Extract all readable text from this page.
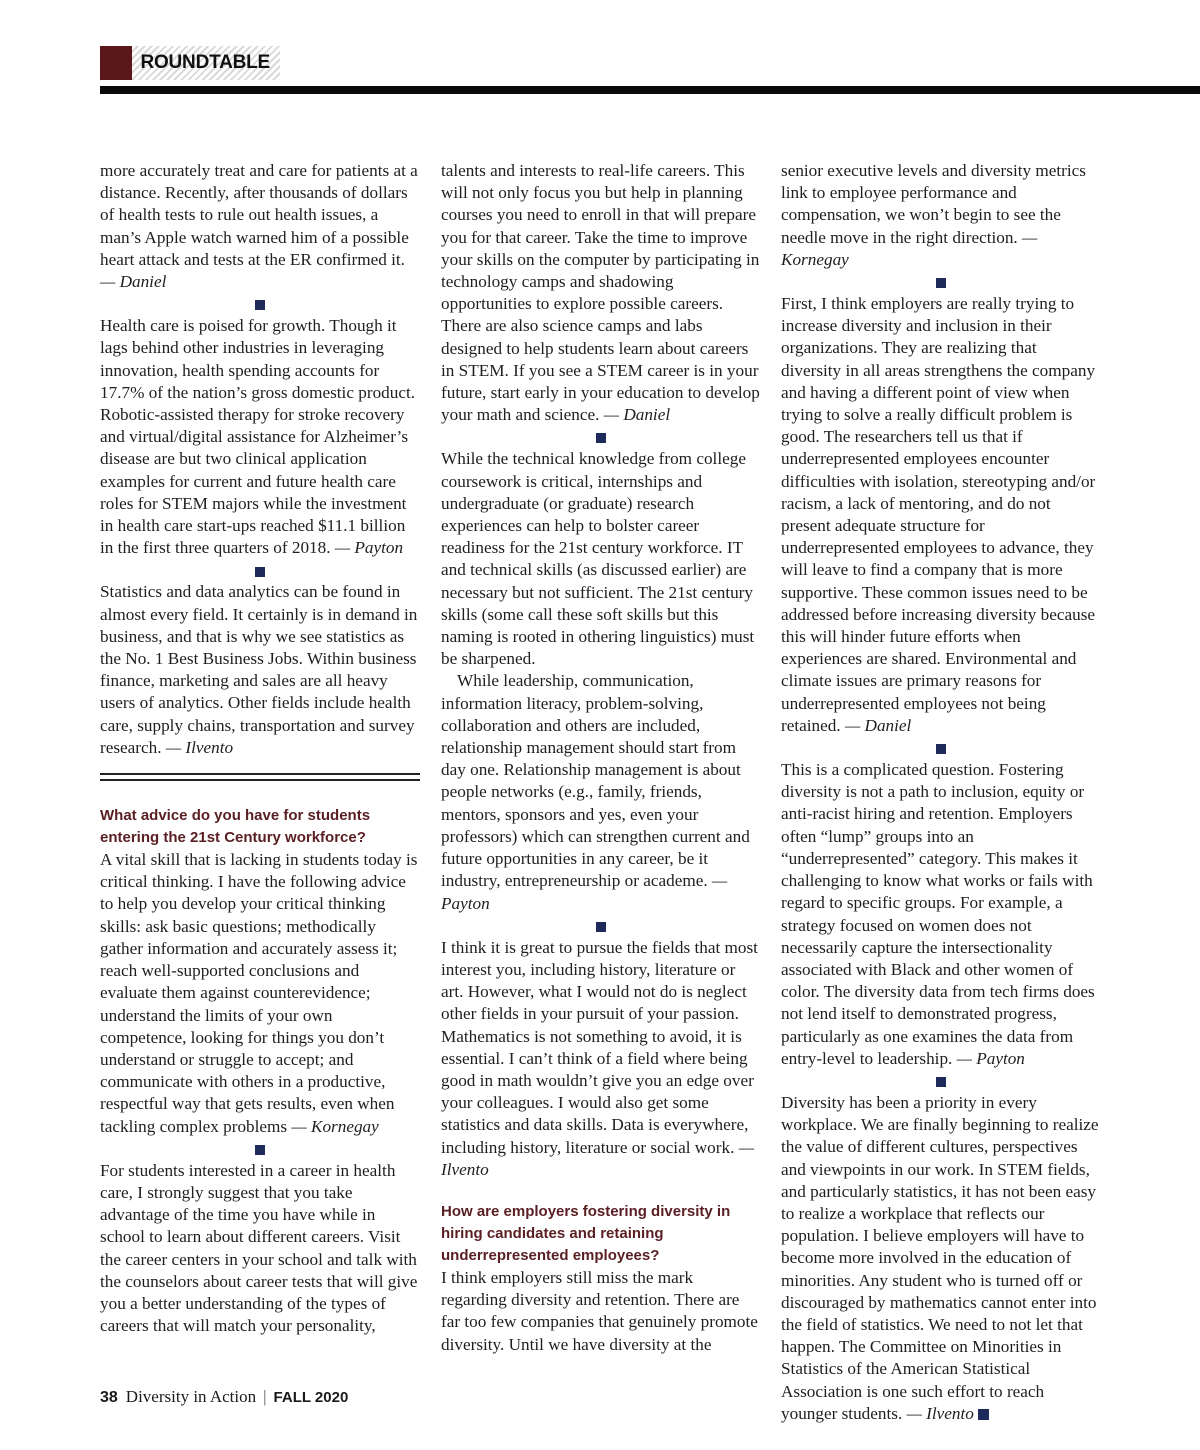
ROUNDTABLE

more accurately treat and care for patients at a distance. Recently, after thousands of dollars of health tests to rule out health issues, a man’s Apple watch warned him of a possible heart attack and tests at the ER confirmed it. — Daniel

Health care is poised for growth. Though it lags behind other industries in leveraging innovation, health spending accounts for 17.7% of the nation’s gross domestic product. Robotic-assisted therapy for stroke recovery and virtual/digital assistance for Alzheimer’s disease are but two clinical application examples for current and future health care roles for STEM majors while the investment in health care start-ups reached $11.1 billion in the first three quarters of 2018. — Payton

Statistics and data analytics can be found in almost every field. It certainly is in demand in business, and that is why we see statistics as the No. 1 Best Business Jobs. Within business finance, marketing and sales are all heavy users of analytics. Other fields include health care, supply chains, transportation and survey research. — Ilvento

What advice do you have for students entering the 21st Century workforce?

A vital skill that is lacking in students today is critical thinking. I have the following advice to help you develop your critical thinking skills: ask basic questions; methodically gather information and accurately assess it; reach well-supported conclusions and evaluate them against counterevidence; understand the limits of your own competence, looking for things you don’t understand or struggle to accept; and communicate with others in a productive, respectful way that gets results, even when tackling complex problems — Kornegay

For students interested in a career in health care, I strongly suggest that you take advantage of the time you have while in school to learn about different careers. Visit the career centers in your school and talk with the counselors about career tests that will give you a better understanding of the types of careers that will match your personality,

talents and interests to real-life careers. This will not only focus you but help in planning courses you need to enroll in that will prepare you for that career. Take the time to improve your skills on the computer by participating in technology camps and shadowing opportunities to explore possible careers. There are also science camps and labs designed to help students learn about careers in STEM. If you see a STEM career is in your future, start early in your education to develop your math and science. — Daniel

While the technical knowledge from college coursework is critical, internships and undergraduate (or graduate) research experiences can help to bolster career readiness for the 21st century workforce. IT and technical skills (as discussed earlier) are necessary but not sufficient. The 21st century skills (some call these soft skills but this naming is rooted in othering linguistics) must be sharpened.

While leadership, communication, information literacy, problem-solving, collaboration and others are included, relationship management should start from day one. Relationship management is about people networks (e.g., family, friends, mentors, sponsors and yes, even your professors) which can strengthen current and future opportunities in any career, be it industry, entrepreneurship or academe. — Payton

I think it is great to pursue the fields that most interest you, including history, literature or art. However, what I would not do is neglect other fields in your pursuit of your passion. Mathematics is not something to avoid, it is essential. I can’t think of a field where being good in math wouldn’t give you an edge over your colleagues. I would also get some statistics and data skills. Data is everywhere, including history, literature or social work. — Ilvento

How are employers fostering diversity in hiring candidates and retaining underrepresented employees?

I think employers still miss the mark regarding diversity and retention. There are far too few companies that genuinely promote diversity. Until we have diversity at the

senior executive levels and diversity metrics link to employee performance and compensation, we won’t begin to see the needle move in the right direction. — Kornegay

First, I think employers are really trying to increase diversity and inclusion in their organizations. They are realizing that diversity in all areas strengthens the company and having a different point of view when trying to solve a really difficult problem is good. The researchers tell us that if underrepresented employees encounter difficulties with isolation, stereotyping and/or racism, a lack of mentoring, and do not present adequate structure for underrepresented employees to advance, they will leave to find a company that is more supportive. These common issues need to be addressed before increasing diversity because this will hinder future efforts when experiences are shared. Environmental and climate issues are primary reasons for underrepresented employees not being retained. — Daniel

This is a complicated question. Fostering diversity is not a path to inclusion, equity or anti-racist hiring and retention. Employers often “lump” groups into an “underrepresented” category. This makes it challenging to know what works or fails with regard to specific groups. For example, a strategy focused on women does not necessarily capture the intersectionality associated with Black and other women of color. The diversity data from tech firms does not lend itself to demonstrated progress, particularly as one examines the data from entry-level to leadership. — Payton

Diversity has been a priority in every workplace. We are finally beginning to realize the value of different cultures, perspectives and viewpoints in our work. In STEM fields, and particularly statistics, it has not been easy to realize a workplace that reflects our population. I believe employers will have to become more involved in the education of minorities. Any student who is turned off or discouraged by mathematics cannot enter into the field of statistics. We need to not let that happen. The Committee on Minorities in Statistics of the American Statistical Association is one such effort to reach younger students. — Ilvento

38 Diversity in Action | FALL 2020
